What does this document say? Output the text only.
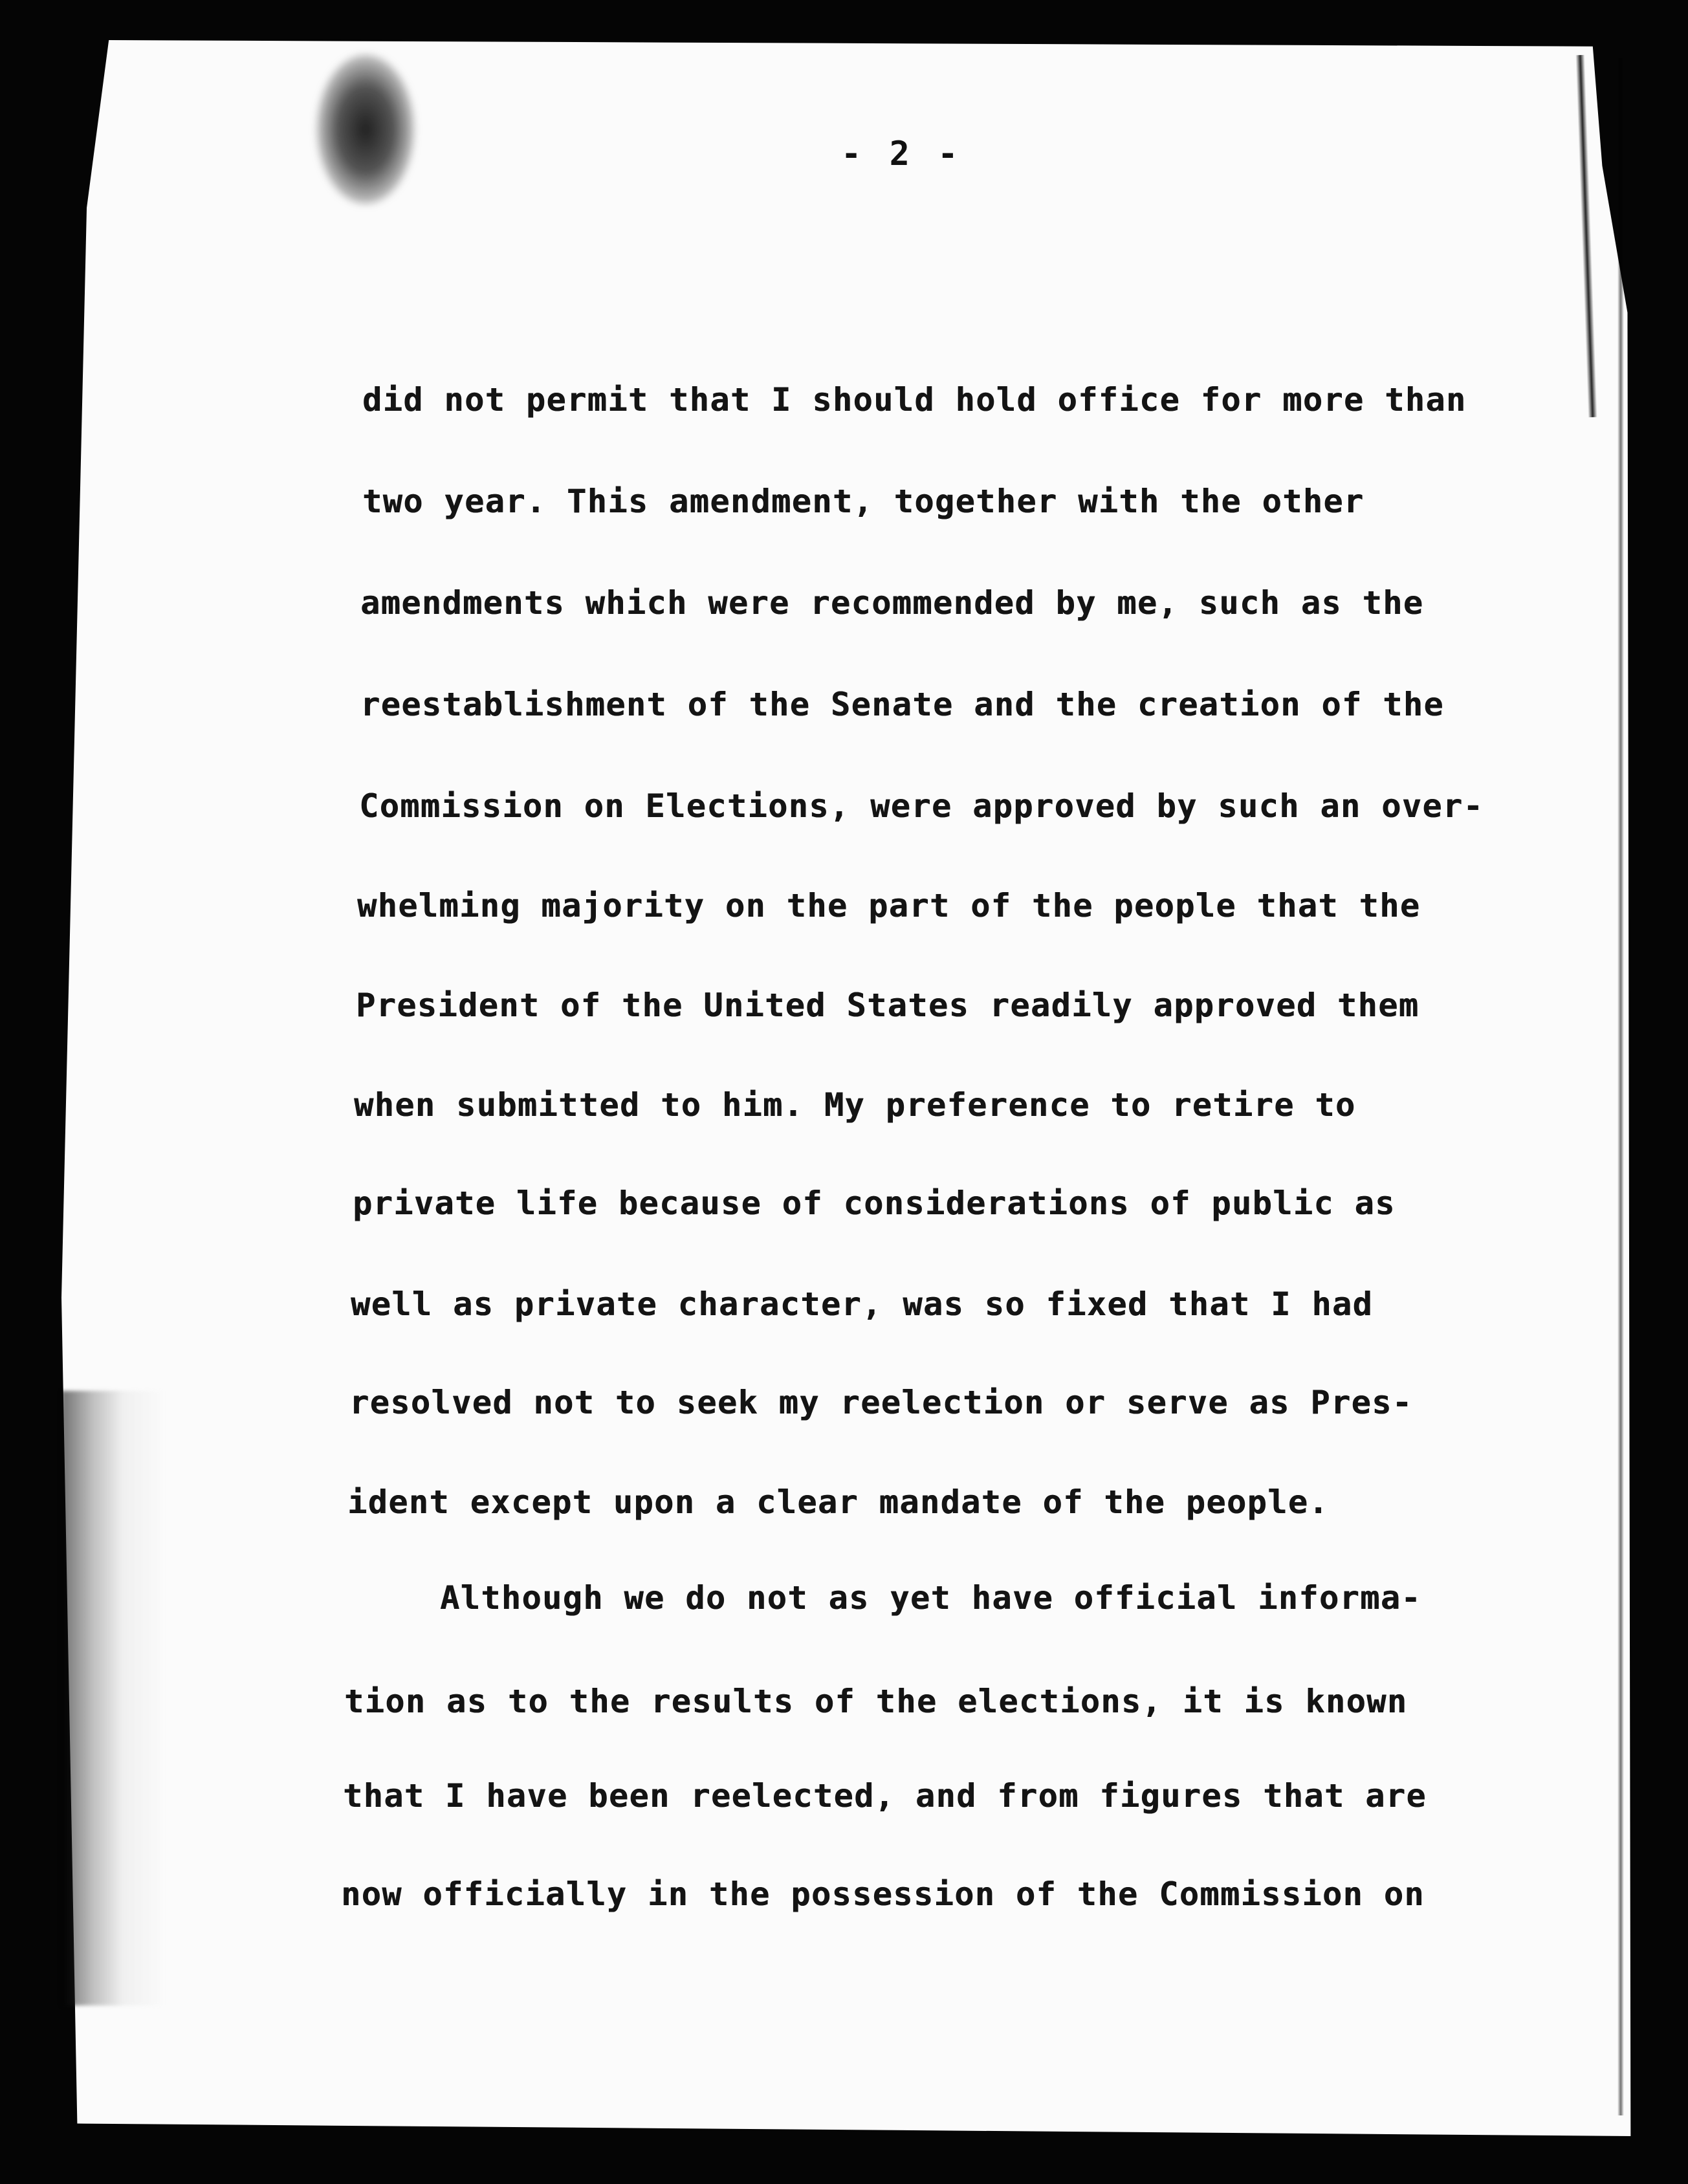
- 2 -
did not permit that I should hold office for more than
two year. This amendment, together with the other
amendments which were recommended by me, such as the
reestablishment of the Senate and the creation of the
Commission on Elections, were approved by such an over-
whelming majority on the part of the people that the
President of the United States readily approved them
when submitted to him. My preference to retire to
private life because of considerations of public as
well as private character, was so fixed that I had
resolved not to seek my reelection or serve as Pres-
ident except upon a clear mandate of the people.
Although we do not as yet have official informa-
tion as to the results of the elections, it is known
that I have been reelected, and from figures that are
now officially in the possession of the Commission on
